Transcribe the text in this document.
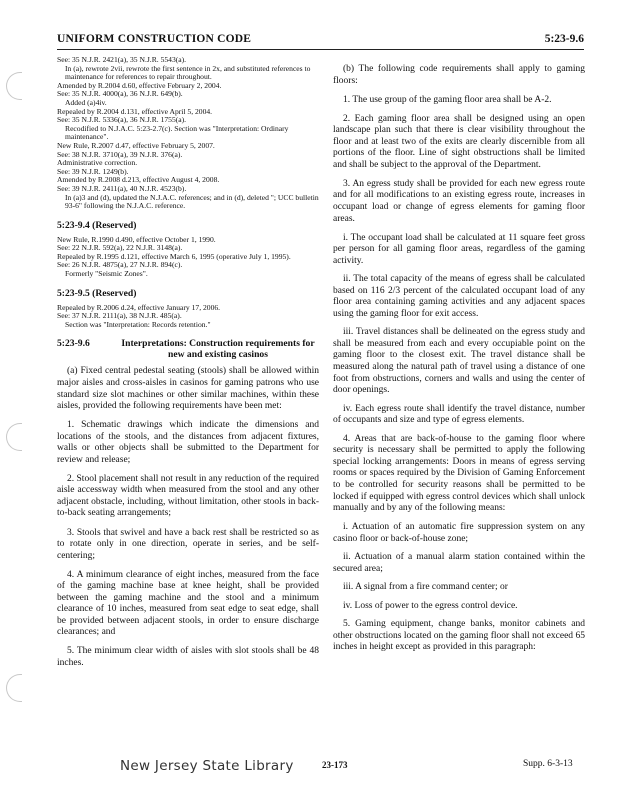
UNIFORM CONSTRUCTION CODE	5:23-9.6
See: 35 N.J.R. 2421(a), 35 N.J.R. 5543(a).
In (a), rewrote 2vii, rewrote the first sentence in 2x, and substituted references to maintenance for references to repair throughout.
Amended by R.2004 d.60, effective February 2, 2004.
See: 35 N.J.R. 4000(a), 36 N.J.R. 649(b).
Added (a)4iv.
Repealed by R.2004 d.131, effective April 5, 2004.
See: 35 N.J.R. 5336(a), 36 N.J.R. 1755(a).
Recodified to N.J.A.C. 5:23-2.7(c). Section was "Interpretation: Ordinary maintenance".
New Rule, R.2007 d.47, effective February 5, 2007.
See: 38 N.J.R. 3710(a), 39 N.J.R. 376(a).
Administrative correction.
See: 39 N.J.R. 1249(b).
Amended by R.2008 d.213, effective August 4, 2008.
See: 39 N.J.R. 2411(a), 40 N.J.R. 4523(b).
In (a)3 and (d), updated the N.J.A.C. references; and in (d), deleted "; UCC bulletin 93-6" following the N.J.A.C. reference.
5:23-9.4 (Reserved)
New Rule, R.1990 d.490, effective October 1, 1990.
See: 22 N.J.R. 592(a), 22 N.J.R. 3148(a).
Repealed by R.1995 d.121, effective March 6, 1995 (operative July 1, 1995).
See: 26 N.J.R. 4875(a), 27 N.J.R. 894(c).
Formerly "Seismic Zones".
5:23-9.5 (Reserved)
Repealed by R.2006 d.24, effective January 17, 2006.
See: 37 N.J.R. 2111(a), 38 N.J.R. 485(a).
Section was "Interpretation: Records retention."
5:23-9.6	Interpretations: Construction requirements for new and existing casinos
(a) Fixed central pedestal seating (stools) shall be allowed within major aisles and cross-aisles in casinos for gaming patrons who use standard size slot machines or other similar machines, within these aisles, provided the following requirements have been met:
1. Schematic drawings which indicate the dimensions and locations of the stools, and the distances from adjacent fixtures, walls or other objects shall be submitted to the Department for review and release;
2. Stool placement shall not result in any reduction of the required aisle accessway width when measured from the stool and any other adjacent obstacle, including, without limitation, other stools in back-to-back seating arrangements;
3. Stools that swivel and have a back rest shall be restricted so as to rotate only in one direction, operate in series, and be self-centering;
4. A minimum clearance of eight inches, measured from the face of the gaming machine base at knee height, shall be provided between the gaming machine and the stool and a minimum clearance of 10 inches, measured from seat edge to seat edge, shall be provided between adjacent stools, in order to ensure discharge clearances; and
5. The minimum clear width of aisles with slot stools shall be 48 inches.
(b) The following code requirements shall apply to gaming floors:
1. The use group of the gaming floor area shall be A-2.
2. Each gaming floor area shall be designed using an open landscape plan such that there is clear visibility throughout the floor and at least two of the exits are clearly discernible from all portions of the floor. Line of sight obstructions shall be limited and shall be subject to the approval of the Department.
3. An egress study shall be provided for each new egress route and for all modifications to an existing egress route, increases in occupant load or change of egress elements for gaming floor areas.
i. The occupant load shall be calculated at 11 square feet gross per person for all gaming floor areas, regardless of the gaming activity.
ii. The total capacity of the means of egress shall be calculated based on 116 2/3 percent of the calculated occupant load of any floor area containing gaming activities and any adjacent spaces using the gaming floor for exit access.
iii. Travel distances shall be delineated on the egress study and shall be measured from each and every occupiable point on the gaming floor to the closest exit. The travel distance shall be measured along the natural path of travel using a distance of one foot from obstructions, corners and walls and using the center of door openings.
iv. Each egress route shall identify the travel distance, number of occupants and size and type of egress elements.
4. Areas that are back-of-house to the gaming floor where security is necessary shall be permitted to apply the following special locking arrangements: Doors in means of egress serving rooms or spaces required by the Division of Gaming Enforcement to be controlled for security reasons shall be permitted to be locked if equipped with egress control devices which shall unlock manually and by any of the following means:
i. Actuation of an automatic fire suppression system on any casino floor or back-of-house zone;
ii. Actuation of a manual alarm station contained within the secured area;
iii. A signal from a fire command center; or
iv. Loss of power to the egress control device.
5. Gaming equipment, change banks, monitor cabinets and other obstructions located on the gaming floor shall not exceed 65 inches in height except as provided in this paragraph:
New Jersey State Library	23-173	Supp. 6-3-13
